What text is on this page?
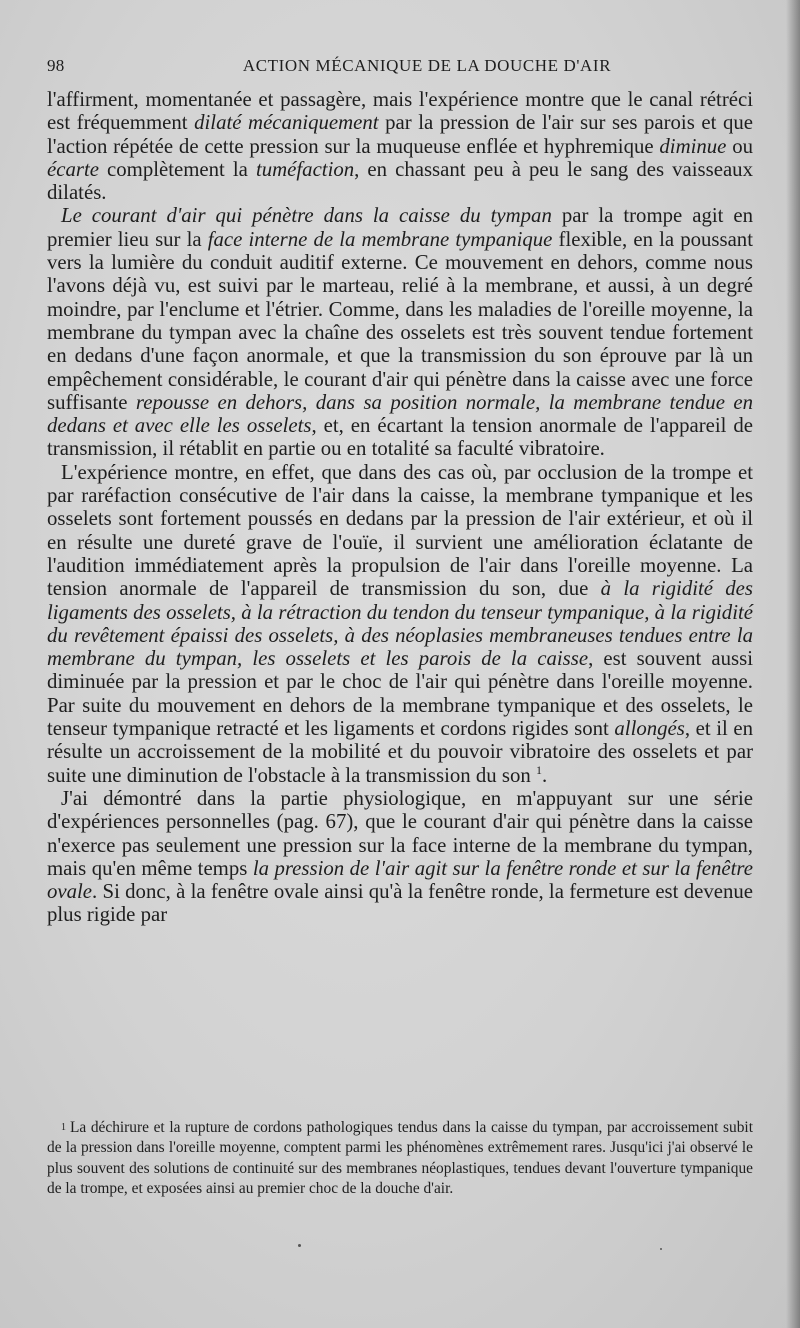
98	ACTION MÉCANIQUE DE LA DOUCHE D'AIR

l'affirment, momentanée et passagère, mais l'expérience montre que le canal rétréci est fréquemment dilaté mécaniquement par la pression de l'air sur ses parois et que l'action répétée de cette pression sur la muqueuse enflée et hyphremique diminue ou écarte complètement la tuméfaction, en chassant peu à peu le sang des vaisseaux dilatés.

Le courant d'air qui pénètre dans la caisse du tympan par la trompe agit en premier lieu sur la face interne de la membrane tympanique flexible, en la poussant vers la lumière du conduit auditif externe. Ce mouvement en dehors, comme nous l'avons déjà vu, est suivi par le marteau, relié à la membrane, et aussi, à un degré moindre, par l'enclume et l'étrier. Comme, dans les maladies de l'oreille moyenne, la membrane du tympan avec la chaîne des osselets est très souvent tendue fortement en dedans d'une façon anormale, et que la transmission du son éprouve par là un empêchement considérable, le courant d'air qui pénètre dans la caisse avec une force suffisante repousse en dehors, dans sa position normale, la membrane tendue en dedans et avec elle les osselets, et, en écartant la tension anormale de l'appareil de transmission, il rétablit en partie ou en totalité sa faculté vibratoire.

L'expérience montre, en effet, que dans des cas où, par occlusion de la trompe et par raréfaction consécutive de l'air dans la caisse, la membrane tympanique et les osselets sont fortement poussés en dedans par la pression de l'air extérieur, et où il en résulte une dureté grave de l'ouïe, il survient une amélioration éclatante de l'audition immédiatement après la propulsion de l'air dans l'oreille moyenne. La tension anormale de l'appareil de transmission du son, due à la rigidité des ligaments des osselets, à la rétraction du tendon du tenseur tympanique, à la rigidité du revêtement épaissi des osselets, à des néoplasies membraneuses tendues entre la membrane du tympan, les osselets et les parois de la caisse, est souvent aussi diminuée par la pression et par le choc de l'air qui pénètre dans l'oreille moyenne. Par suite du mouvement en dehors de la membrane tympanique et des osselets, le tenseur tympanique retracté et les ligaments et cordons rigides sont allongés, et il en résulte un accroissement de la mobilité et du pouvoir vibratoire des osselets et par suite une diminution de l'obstacle à la transmission du son $^1$.

J'ai démontré dans la partie physiologique, en m'appuyant sur une série d'expériences personnelles (pag. 67), que le courant d'air qui pénètre dans la caisse n'exerce pas seulement une pression sur la face interne de la membrane du tympan, mais qu'en même temps la pression de l'air agit sur la fenêtre ronde et sur la fenêtre ovale. Si donc, à la fenêtre ovale ainsi qu'à la fenêtre ronde, la fermeture est devenue plus rigide par

$^1$ La déchirure et la rupture de cordons pathologiques tendus dans la caisse du tympan, par accroissement subit de la pression dans l'oreille moyenne, comptent parmi les phénomènes extrêmement rares. Jusqu'ici j'ai observé le plus souvent des solutions de continuité sur des membranes néoplastiques, tendues devant l'ouverture tympanique de la trompe, et exposées ainsi au premier choc de la douche d'air.
